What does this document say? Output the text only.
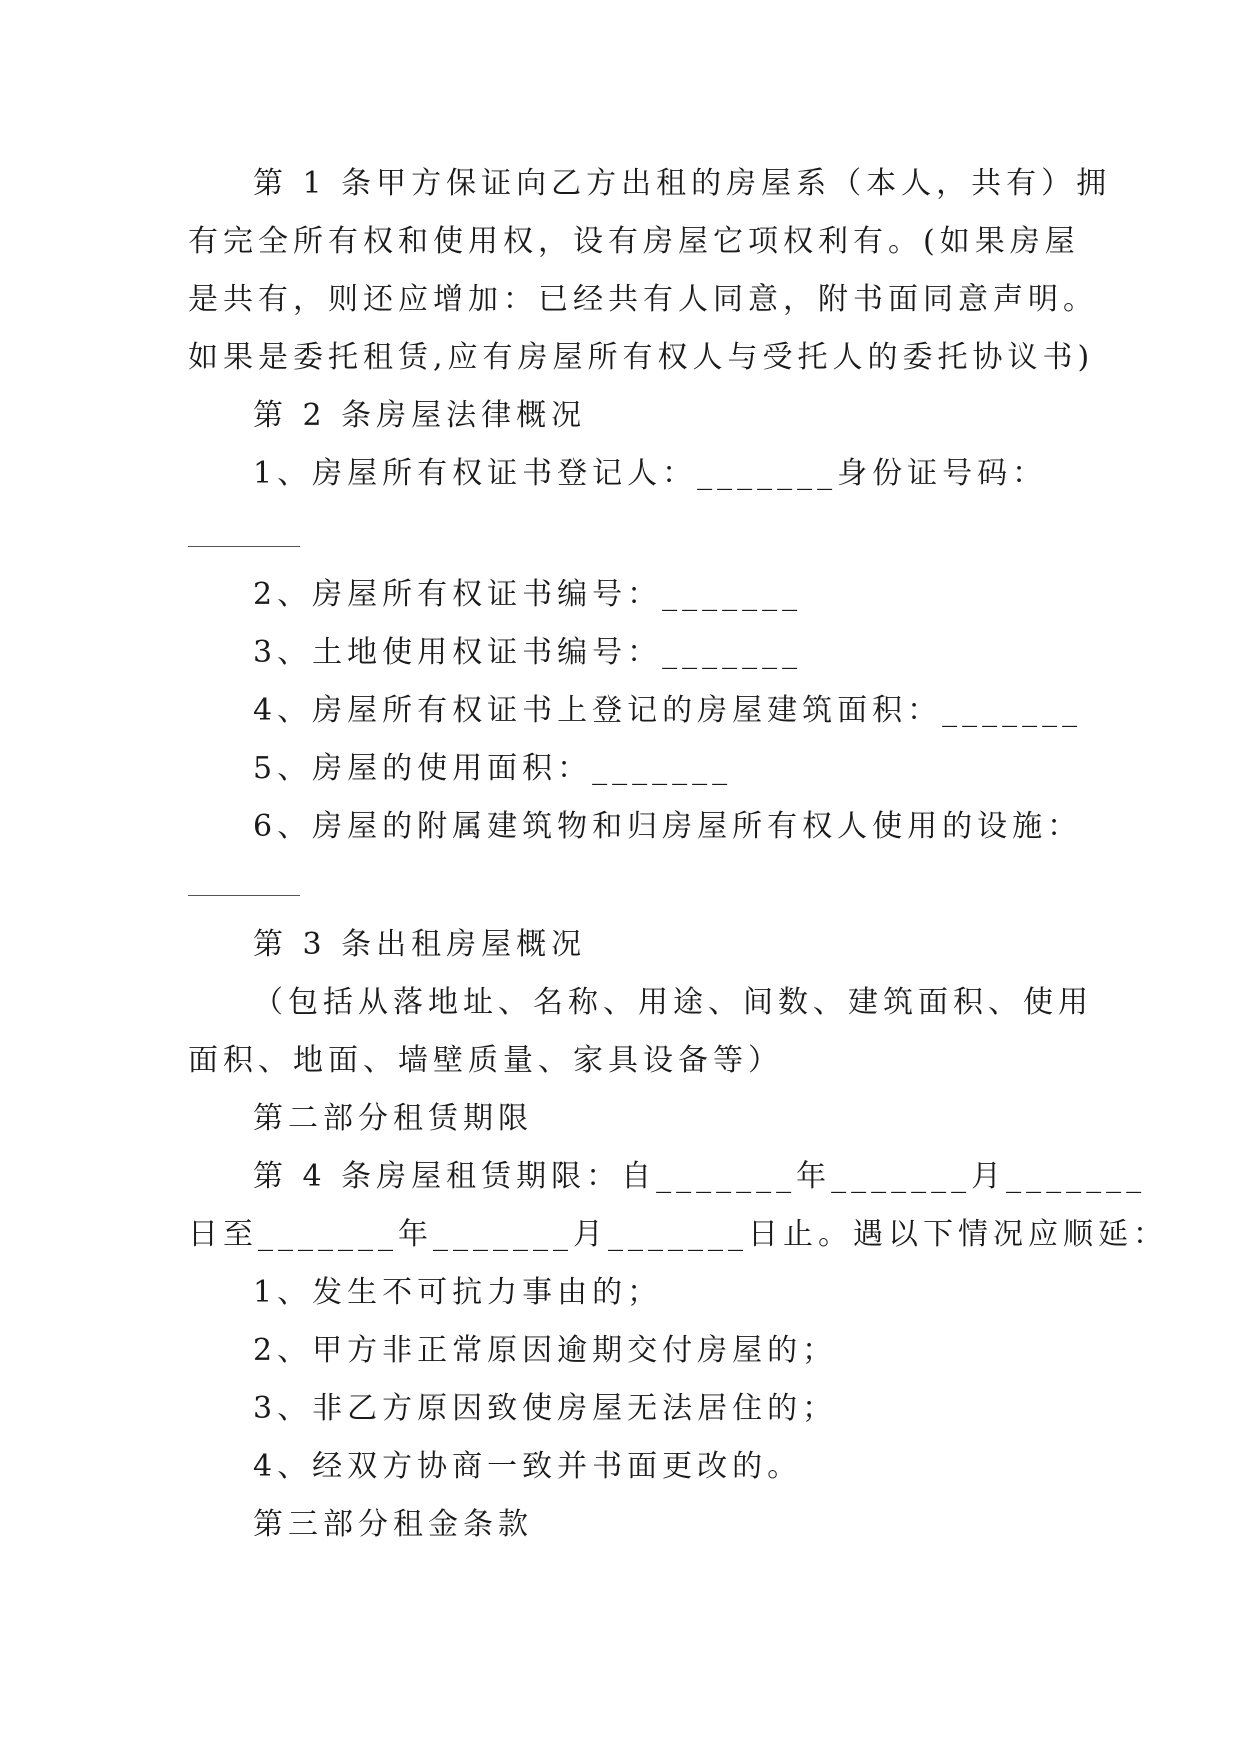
第 1 条甲方保证向乙方出租的房屋系（本人，共有）拥

有完全所有权和使用权，设有房屋它项权利有。(如果房屋

是共有，则还应增加：已经共有人同意，附书面同意声明。

如果是委托租赁,应有房屋所有权人与受托人的委托协议书)

第 2 条房屋法律概况

1、房屋所有权证书登记人：_______身份证号码：

2、房屋所有权证书编号：_______

3、土地使用权证书编号：_______

4、房屋所有权证书上登记的房屋建筑面积：_______

5、房屋的使用面积：_______

6、房屋的附属建筑物和归房屋所有权人使用的设施：

第 3 条出租房屋概况

（包括从落地址、名称、用途、间数、建筑面积、使用

面积、地面、墙壁质量、家具设备等）

第二部分租赁期限

第 4 条房屋租赁期限：自_______年_______月_______

日至_______年_______月_______日止。遇以下情况应顺延：

1、发生不可抗力事由的；

2、甲方非正常原因逾期交付房屋的；

3、非乙方原因致使房屋无法居住的；

4、经双方协商一致并书面更改的。

第三部分租金条款
